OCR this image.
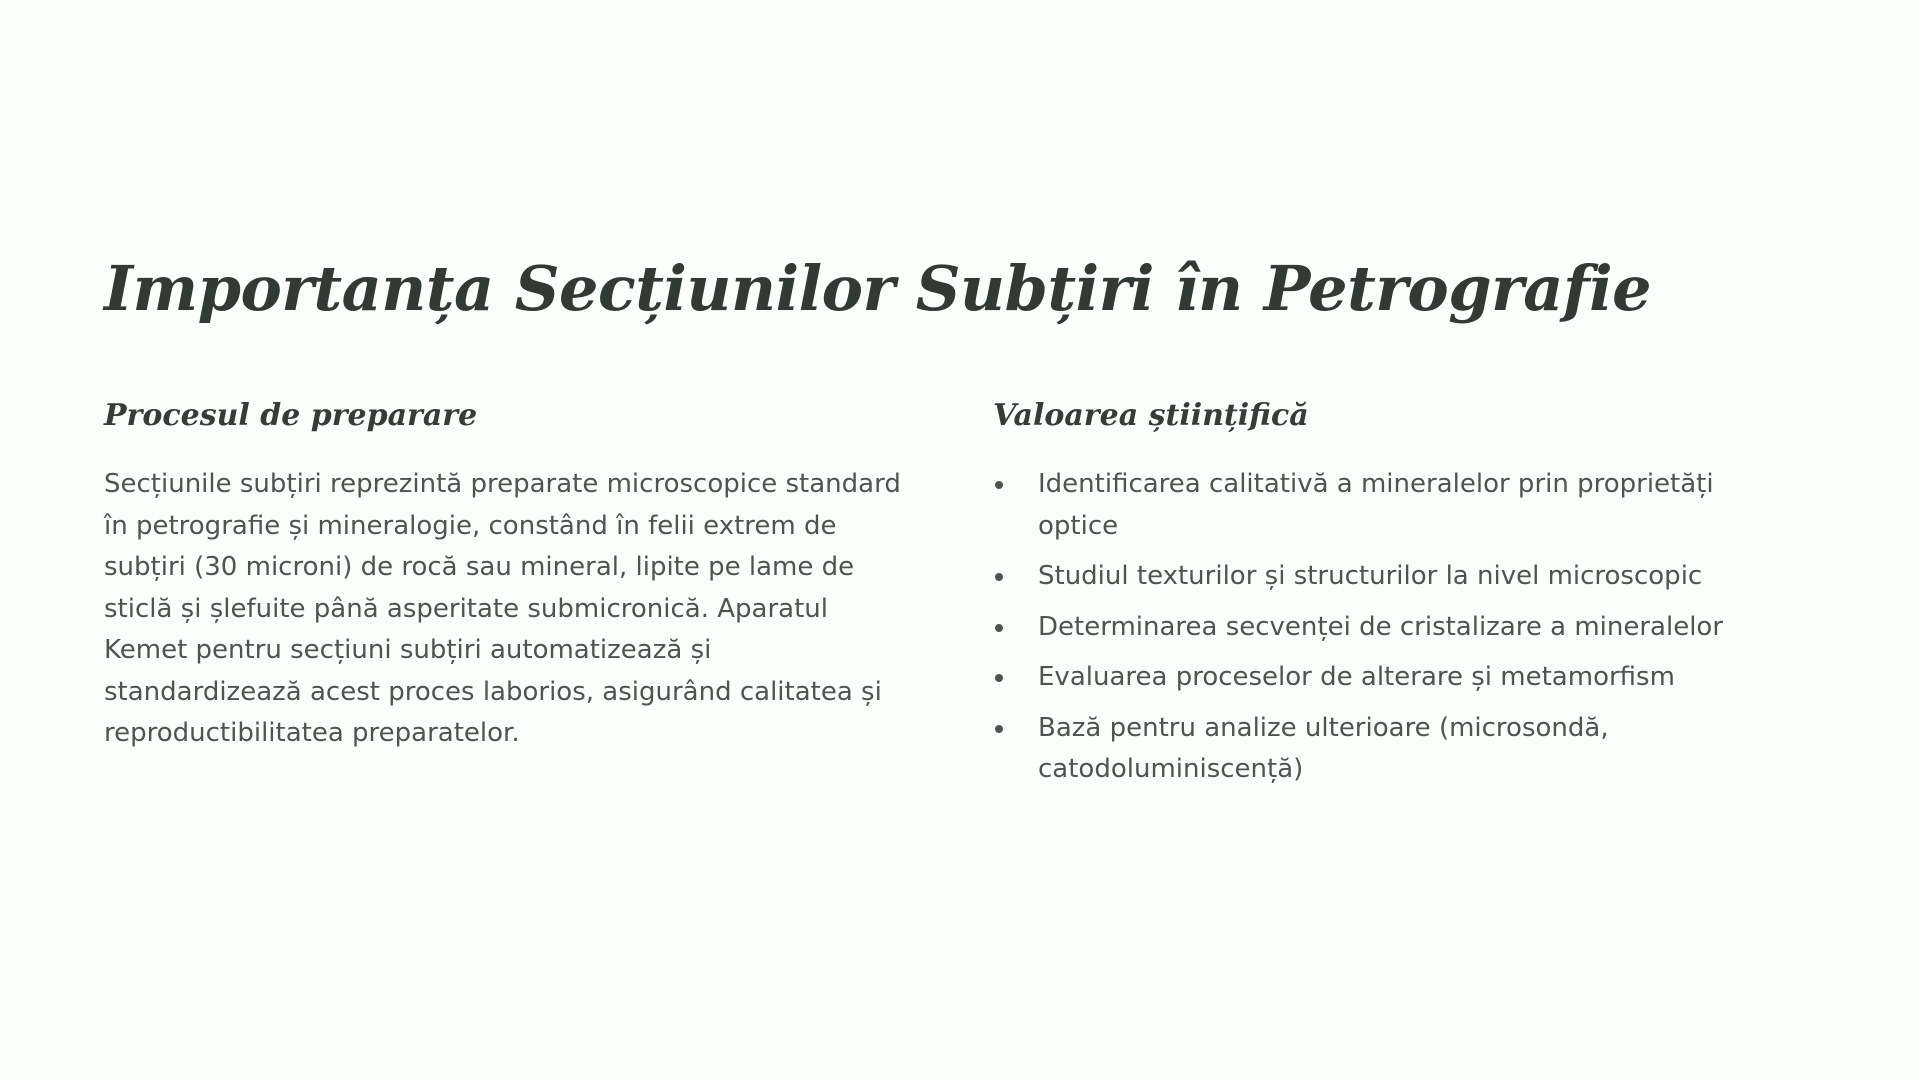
Importanța Secțiunilor Subțiri în Petrografie
Procesul de preparare

Secțiunile subțiri reprezintă preparate microscopice standard în petrografie și mineralogie, constând în felii extrem de subțiri (30 microni) de rocă sau mineral, lipite pe lame de sticlă și șlefuite până asperitate submicronică. Aparatul Kemet pentru secțiuni subțiri automatizează și standardizează acest proces laborios, asigurând calitatea și reproductibilitatea preparatelor.

Valoarea științifică
Identificarea calitativă a mineralelor prin proprietăți optice
Studiul texturilor și structurilor la nivel microscopic
Determinarea secvenței de cristalizare a mineralelor
Evaluarea proceselor de alterare și metamorfism
Bază pentru analize ulterioare (microsondă, catodoluminiscență)
